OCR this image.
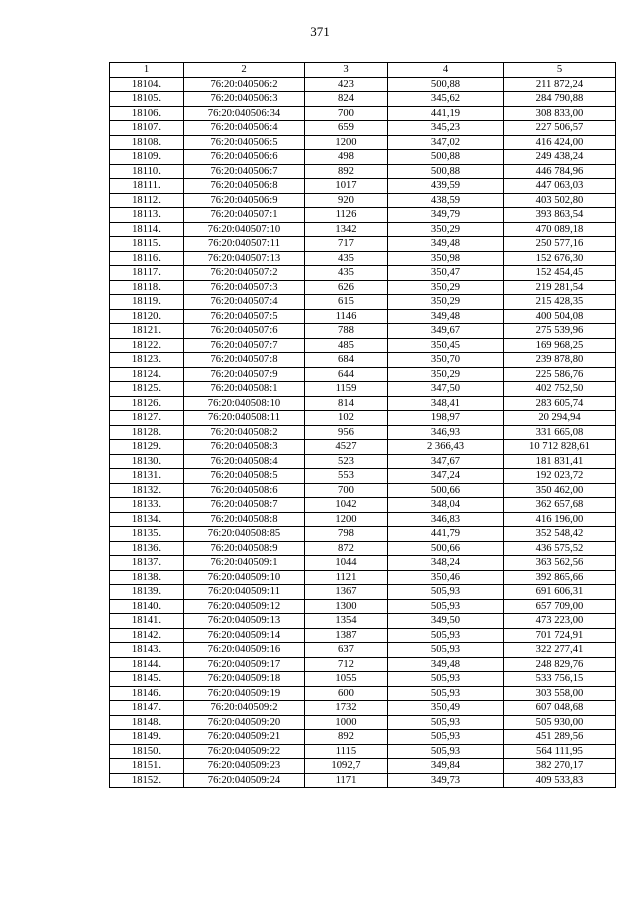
371
1	2	3	4	5
18104.	76:20:040506:2	423	500,88	211 872,24
18105.	76:20:040506:3	824	345,62	284 790,88
18106.	76:20:040506:34	700	441,19	308 833,00
18107.	76:20:040506:4	659	345,23	227 506,57
18108.	76:20:040506:5	1200	347,02	416 424,00
18109.	76:20:040506:6	498	500,88	249 438,24
18110.	76:20:040506:7	892	500,88	446 784,96
18111.	76:20:040506:8	1017	439,59	447 063,03
18112.	76:20:040506:9	920	438,59	403 502,80
18113.	76:20:040507:1	1126	349,79	393 863,54
18114.	76:20:040507:10	1342	350,29	470 089,18
18115.	76:20:040507:11	717	349,48	250 577,16
18116.	76:20:040507:13	435	350,98	152 676,30
18117.	76:20:040507:2	435	350,47	152 454,45
18118.	76:20:040507:3	626	350,29	219 281,54
18119.	76:20:040507:4	615	350,29	215 428,35
18120.	76:20:040507:5	1146	349,48	400 504,08
18121.	76:20:040507:6	788	349,67	275 539,96
18122.	76:20:040507:7	485	350,45	169 968,25
18123.	76:20:040507:8	684	350,70	239 878,80
18124.	76:20:040507:9	644	350,29	225 586,76
18125.	76:20:040508:1	1159	347,50	402 752,50
18126.	76:20:040508:10	814	348,41	283 605,74
18127.	76:20:040508:11	102	198,97	20 294,94
18128.	76:20:040508:2	956	346,93	331 665,08
18129.	76:20:040508:3	4527	2 366,43	10 712 828,61
18130.	76:20:040508:4	523	347,67	181 831,41
18131.	76:20:040508:5	553	347,24	192 023,72
18132.	76:20:040508:6	700	500,66	350 462,00
18133.	76:20:040508:7	1042	348,04	362 657,68
18134.	76:20:040508:8	1200	346,83	416 196,00
18135.	76:20:040508:85	798	441,79	352 548,42
18136.	76:20:040508:9	872	500,66	436 575,52
18137.	76:20:040509:1	1044	348,24	363 562,56
18138.	76:20:040509:10	1121	350,46	392 865,66
18139.	76:20:040509:11	1367	505,93	691 606,31
18140.	76:20:040509:12	1300	505,93	657 709,00
18141.	76:20:040509:13	1354	349,50	473 223,00
18142.	76:20:040509:14	1387	505,93	701 724,91
18143.	76:20:040509:16	637	505,93	322 277,41
18144.	76:20:040509:17	712	349,48	248 829,76
18145.	76:20:040509:18	1055	505,93	533 756,15
18146.	76:20:040509:19	600	505,93	303 558,00
18147.	76:20:040509:2	1732	350,49	607 048,68
18148.	76:20:040509:20	1000	505,93	505 930,00
18149.	76:20:040509:21	892	505,93	451 289,56
18150.	76:20:040509:22	1115	505,93	564 111,95
18151.	76:20:040509:23	1092,7	349,84	382 270,17
18152.	76:20:040509:24	1171	349,73	409 533,83
